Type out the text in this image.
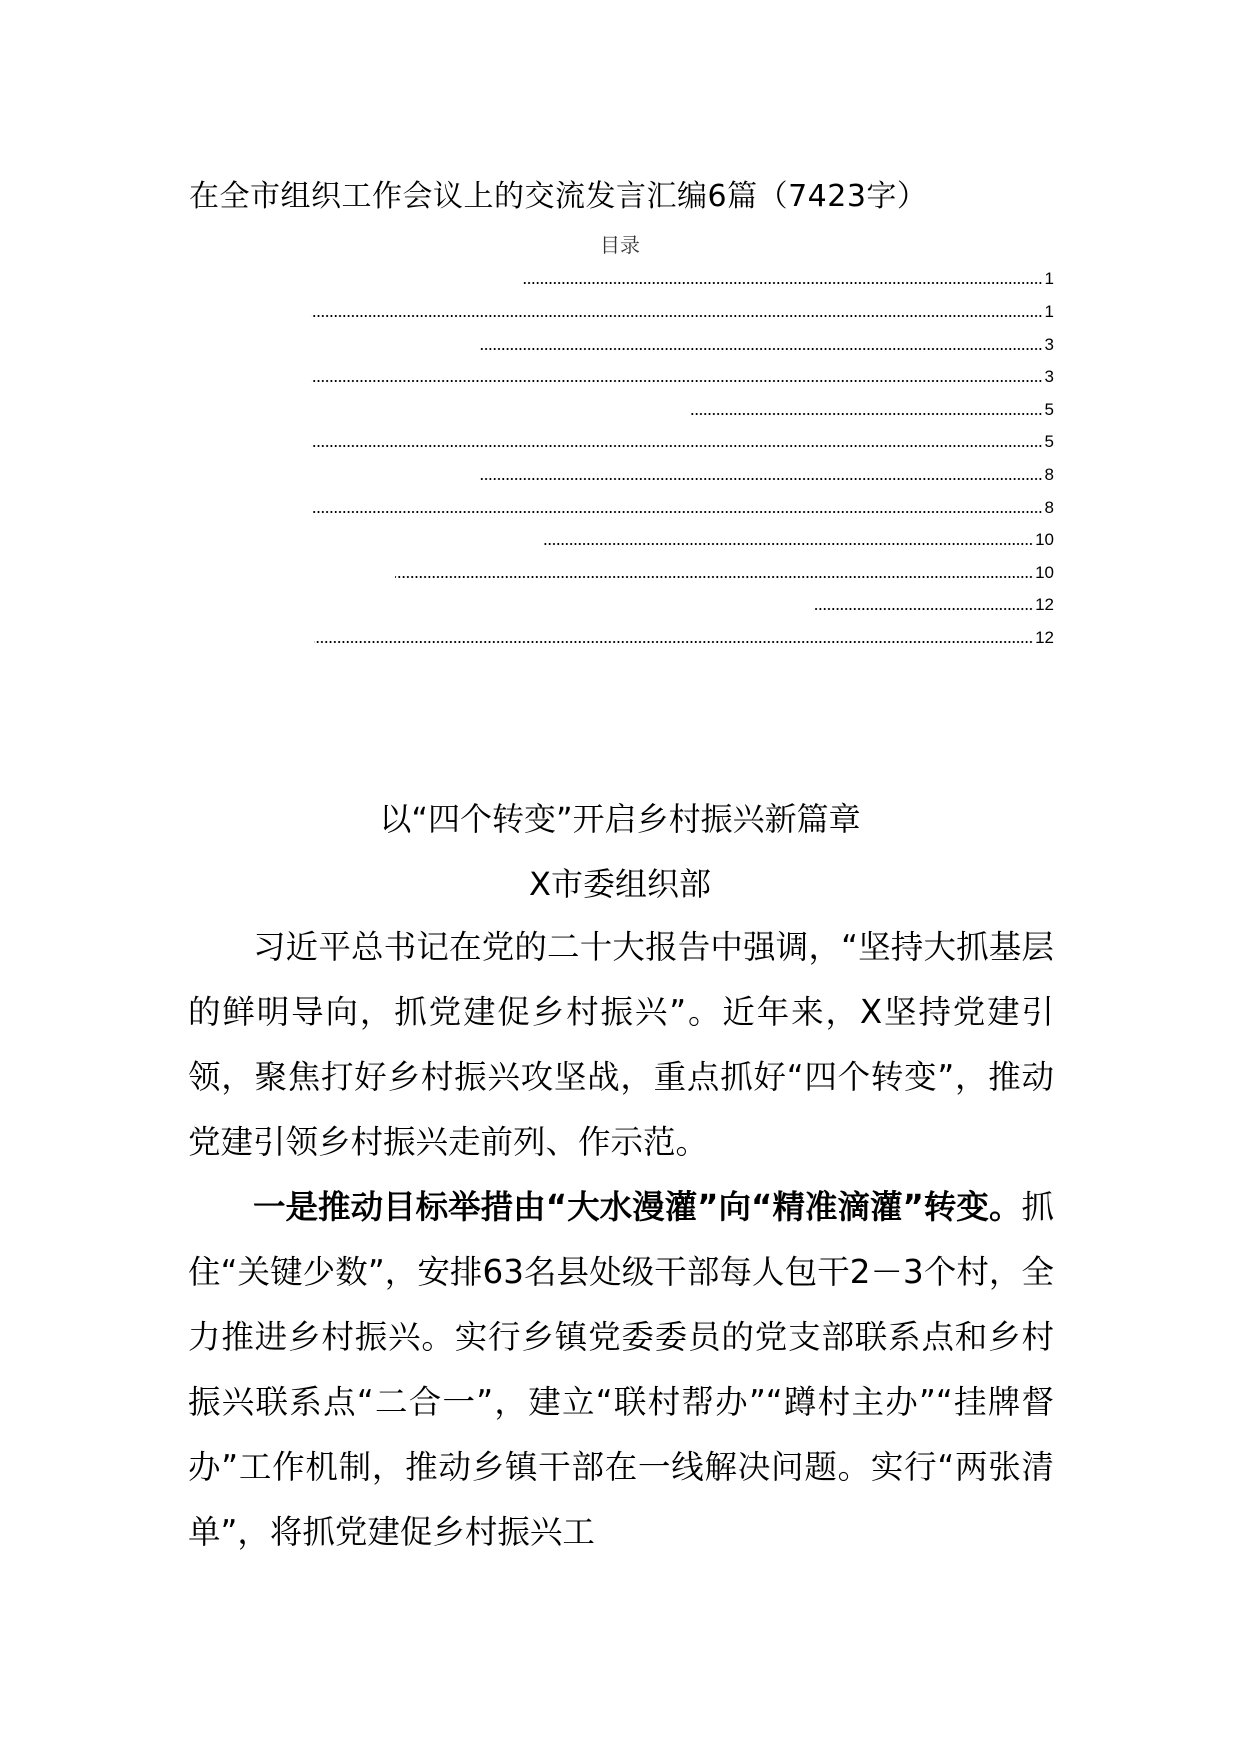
在全市组织工作会议上的交流发言汇编6篇（7423字）
目录
1
1
3
3
5
5
8
8
10
10
12
12
以“四个转变”开启乡村振兴新篇章
X市委组织部

习近平总书记在党的二十大报告中强调，“坚持大抓基层的鲜明导向，抓党建促乡村振兴”。近年来，X坚持党建引领，聚焦打好乡村振兴攻坚战，重点抓好“四个转变”，推动党建引领乡村振兴走前列、作示范。

一是推动目标举措由“大水漫灌”向“精准滴灌”转变。抓住“关键少数”，安排63名县处级干部每人包干2－3个村，全力推进乡村振兴。实行乡镇党委委员的党支部联系点和乡村振兴联系点“二合一”，建立“联村帮办”“蹲村主办”“挂牌督办”工作机制，推动乡镇干部在一线解决问题。实行“两张清单”，将抓党建促乡村振兴工
